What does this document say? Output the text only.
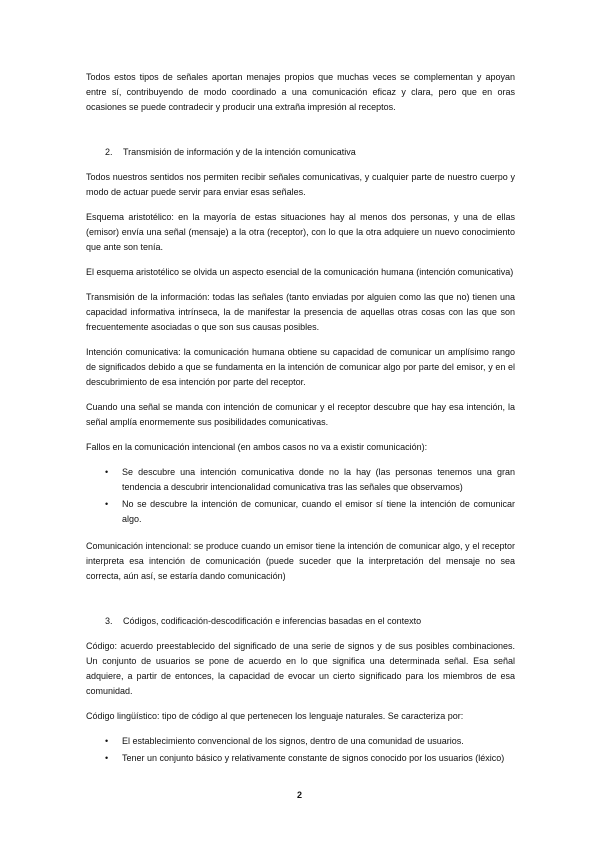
Todos estos tipos de señales aportan menajes propios que muchas veces se complementan y apoyan entre sí, contribuyendo de modo coordinado a una comunicación eficaz y clara, pero que en oras ocasiones se puede contradecir y producir una extraña impresión al receptos.

2. Transmisión de información y de la intención comunicativa

Todos nuestros sentidos nos permiten recibir señales comunicativas, y cualquier parte de nuestro cuerpo y modo de actuar puede servir para enviar esas señales.

Esquema aristotélico: en la mayoría de estas situaciones hay al menos dos personas, y una de ellas (emisor) envía una señal (mensaje) a la otra (receptor), con lo que la otra adquiere un nuevo conocimiento que ante son tenía.

El esquema aristotélico se olvida un aspecto esencial de la comunicación humana (intención comunicativa)

Transmisión de la información: todas las señales (tanto enviadas por alguien como las que no) tienen una capacidad informativa intrínseca, la de manifestar la presencia de aquellas otras cosas con las que son frecuentemente asociadas o que son sus causas posibles.

Intención comunicativa: la comunicación humana obtiene su capacidad de comunicar un amplísimo rango de significados debido a que se fundamenta en la intención de comunicar algo por parte del emisor, y en el descubrimiento de esa intención por parte del receptor.

Cuando una señal se manda con intención de comunicar y el receptor descubre que hay esa intención, la señal amplía enormemente sus posibilidades comunicativas.

Fallos en la comunicación intencional (en ambos casos no va a existir comunicación):

• Se descubre una intención comunicativa donde no la hay (las personas tenemos una gran tendencia a descubrir intencionalidad comunicativa tras las señales que observamos)
• No se descubre la intención de comunicar, cuando el emisor sí tiene la intención de comunicar algo.

Comunicación intencional: se produce cuando un emisor tiene la intención de comunicar algo, y el receptor interpreta esa intención de comunicación (puede suceder que la interpretación del mensaje no sea correcta, aún así, se estaría dando comunicación)

3. Códigos, codificación-descodificación e inferencias basadas en el contexto

Código: acuerdo preestablecido del significado de una serie de signos y de sus posibles combinaciones. Un conjunto de usuarios se pone de acuerdo en lo que significa una determinada señal. Esa señal adquiere, a partir de entonces, la capacidad de evocar un cierto significado para los miembros de esa comunidad.

Código lingüístico: tipo de código al que pertenecen los lenguaje naturales. Se caracteriza por:

• El establecimiento convencional de los signos, dentro de una comunidad de usuarios.
• Tener un conjunto básico y relativamente constante de signos conocido por los usuarios (léxico)
2
